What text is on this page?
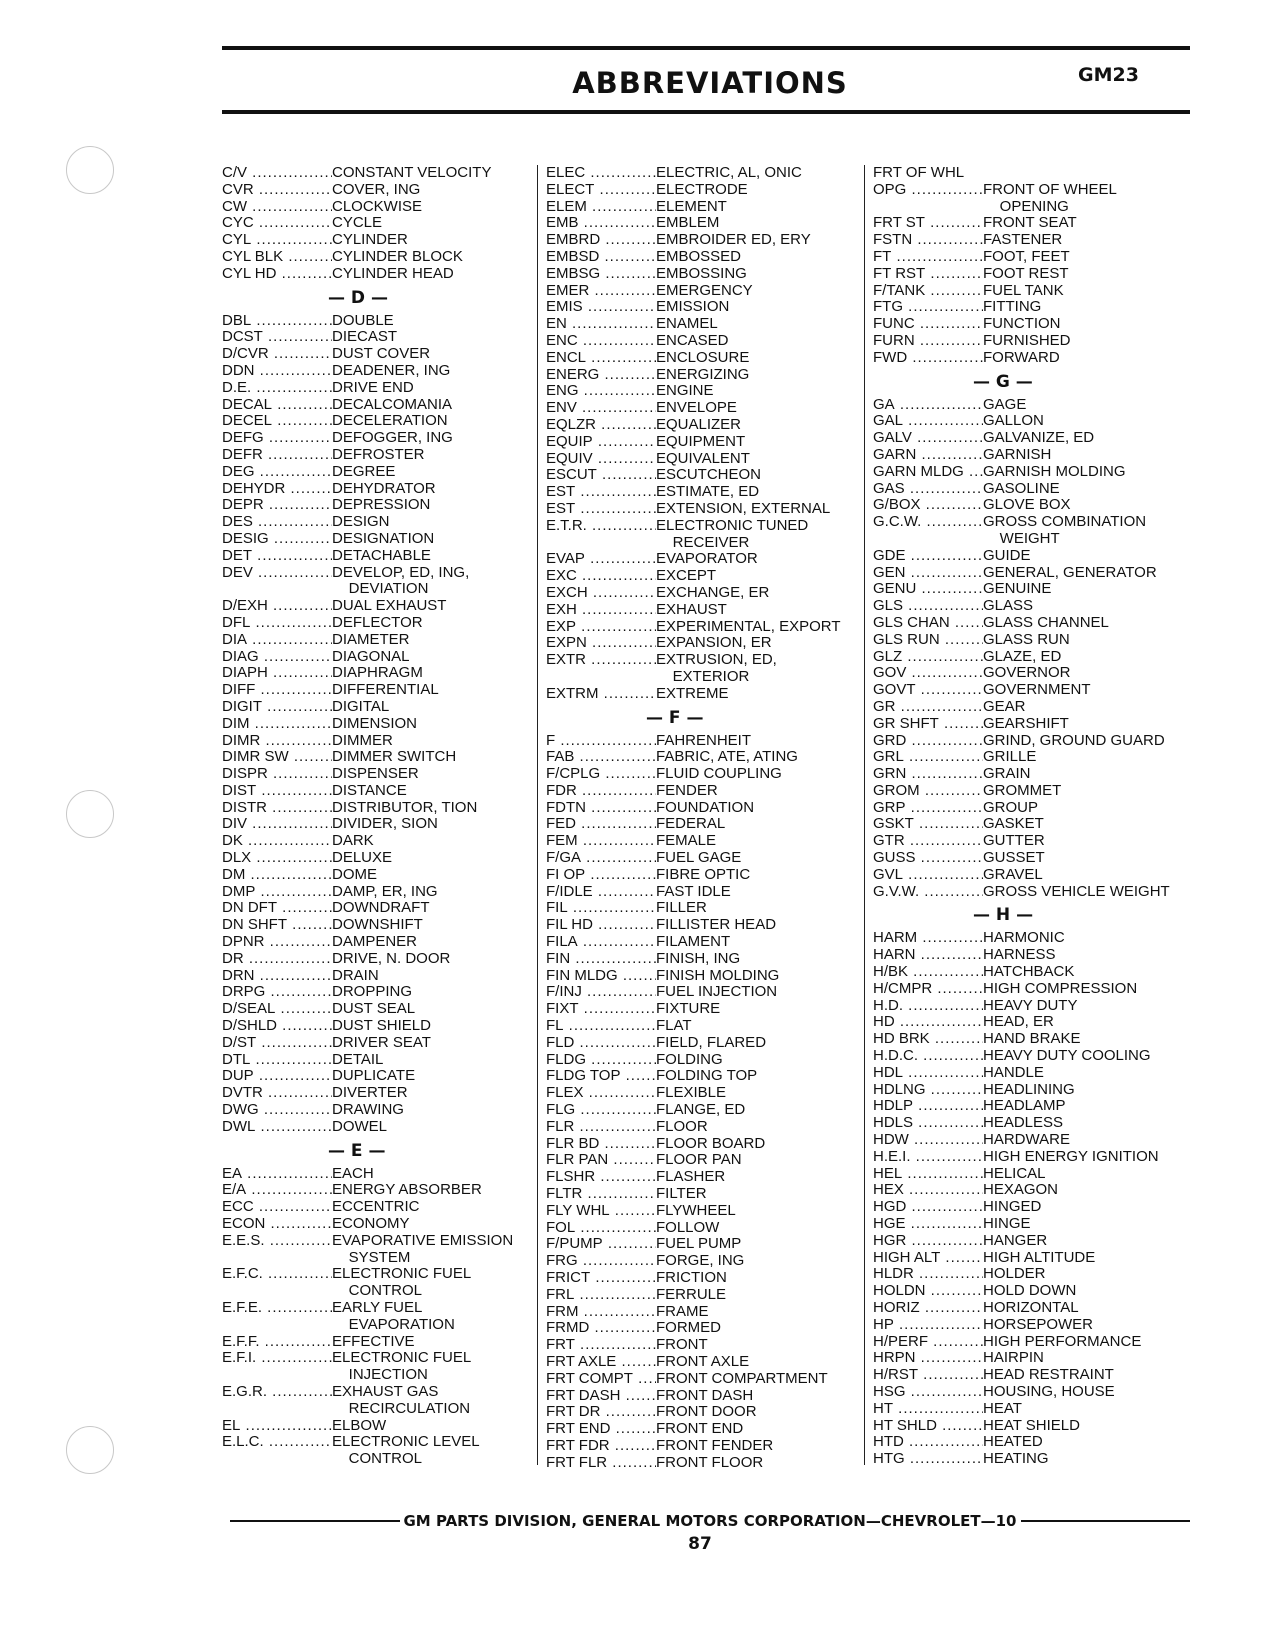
ABBREVIATIONS	GM23
C/V .....	CONSTANT VELOCITY
CVR .....	COVER, ING
CW .....	CLOCKWISE
CYC .....	CYCLE
CYL .....	CYLINDER
CYL BLK .....	CYLINDER BLOCK
CYL HD .....	CYLINDER HEAD
— D —
DBL .....	DOUBLE
DCST .....	DIECAST
D/CVR .....	DUST COVER
DDN .....	DEADENER, ING
D.E. .....	DRIVE END
DECAL .....	DECALCOMANIA
DECEL .....	DECELERATION
DEFG .....	DEFOGGER, ING
DEFR .....	DEFROSTER
DEG .....	DEGREE
DEHYDR .....	DEHYDRATOR
DEPR .....	DEPRESSION
DES .....	DESIGN
DESIG .....	DESIGNATION
DET .....	DETACHABLE
DEV .....	DEVELOP, ED, ING,
DEVIATION
D/EXH .....	DUAL EXHAUST
DFL .....	DEFLECTOR
DIA .....	DIAMETER
DIAG .....	DIAGONAL
DIAPH .....	DIAPHRAGM
DIFF .....	DIFFERENTIAL
DIGIT .....	DIGITAL
DIM .....	DIMENSION
DIMR .....	DIMMER
DIMR SW .....	DIMMER SWITCH
DISPR .....	DISPENSER
DIST .....	DISTANCE
DISTR .....	DISTRIBUTOR, TION
DIV .....	DIVIDER, SION
DK .....	DARK
DLX .....	DELUXE
DM .....	DOME
DMP .....	DAMP, ER, ING
DN DFT .....	DOWNDRAFT
DN SHFT .....	DOWNSHIFT
DPNR .....	DAMPENER
DR .....	DRIVE, N. DOOR
DRN .....	DRAIN
DRPG .....	DROPPING
D/SEAL .....	DUST SEAL
D/SHLD .....	DUST SHIELD
D/ST .....	DRIVER SEAT
DTL .....	DETAIL
DUP .....	DUPLICATE
DVTR .....	DIVERTER
DWG .....	DRAWING
DWL .....	DOWEL
— E —
EA .....	EACH
E/A .....	ENERGY ABSORBER
ECC .....	ECCENTRIC
ECON .....	ECONOMY
E.E.S. .....	EVAPORATIVE EMISSION
SYSTEM
E.F.C. .....	ELECTRONIC FUEL
CONTROL
E.F.E. .....	EARLY FUEL
EVAPORATION
E.F.F. .....	EFFECTIVE
E.F.I. .....	ELECTRONIC FUEL
INJECTION
E.G.R. .....	EXHAUST GAS
RECIRCULATION
EL .....	ELBOW
E.L.C. .....	ELECTRONIC LEVEL
CONTROL
ELEC .....	ELECTRIC, AL, ONIC
ELECT .....	ELECTRODE
ELEM .....	ELEMENT
EMB .....	EMBLEM
EMBRD .....	EMBROIDER ED, ERY
EMBSD .....	EMBOSSED
EMBSG .....	EMBOSSING
EMER .....	EMERGENCY
EMIS .....	EMISSION
EN .....	ENAMEL
ENC .....	ENCASED
ENCL .....	ENCLOSURE
ENERG .....	ENERGIZING
ENG .....	ENGINE
ENV .....	ENVELOPE
EQLZR .....	EQUALIZER
EQUIP .....	EQUIPMENT
EQUIV .....	EQUIVALENT
ESCUT .....	ESCUTCHEON
EST .....	ESTIMATE, ED
EST .....	EXTENSION, EXTERNAL
E.T.R. .....	ELECTRONIC TUNED
RECEIVER
EVAP .....	EVAPORATOR
EXC .....	EXCEPT
EXCH .....	EXCHANGE, ER
EXH .....	EXHAUST
EXP .....	EXPERIMENTAL, EXPORT
EXPN .....	EXPANSION, ER
EXTR .....	EXTRUSION, ED,
EXTERIOR
EXTRM .....	EXTREME
— F —
F .....	FAHRENHEIT
FAB .....	FABRIC, ATE, ATING
F/CPLG .....	FLUID COUPLING
FDR .....	FENDER
FDTN .....	FOUNDATION
FED .....	FEDERAL
FEM .....	FEMALE
F/GA .....	FUEL GAGE
FI OP .....	FIBRE OPTIC
F/IDLE .....	FAST IDLE
FIL .....	FILLER
FIL HD .....	FILLISTER HEAD
FILA .....	FILAMENT
FIN .....	FINISH, ING
FIN MLDG .....	FINISH MOLDING
F/INJ .....	FUEL INJECTION
FIXT .....	FIXTURE
FL .....	FLAT
FLD .....	FIELD, FLARED
FLDG .....	FOLDING
FLDG TOP .....	FOLDING TOP
FLEX .....	FLEXIBLE
FLG .....	FLANGE, ED
FLR .....	FLOOR
FLR BD .....	FLOOR BOARD
FLR PAN .....	FLOOR PAN
FLSHR .....	FLASHER
FLTR .....	FILTER
FLY WHL .....	FLYWHEEL
FOL .....	FOLLOW
F/PUMP .....	FUEL PUMP
FRG .....	FORGE, ING
FRICT .....	FRICTION
FRL .....	FERRULE
FRM .....	FRAME
FRMD .....	FORMED
FRT .....	FRONT
FRT AXLE .....	FRONT AXLE
FRT COMPT .....	FRONT COMPARTMENT
FRT DASH .....	FRONT DASH
FRT DR .....	FRONT DOOR
FRT END .....	FRONT END
FRT FDR .....	FRONT FENDER
FRT FLR .....	FRONT FLOOR
FRT OF WHL
OPG .....	FRONT OF WHEEL
OPENING
FRT ST .....	FRONT SEAT
FSTN .....	FASTENER
FT .....	FOOT, FEET
FT RST .....	FOOT REST
F/TANK .....	FUEL TANK
FTG .....	FITTING
FUNC .....	FUNCTION
FURN .....	FURNISHED
FWD .....	FORWARD
— G —
GA .....	GAGE
GAL .....	GALLON
GALV .....	GALVANIZE, ED
GARN .....	GARNISH
GARN MLDG .....	GARNISH MOLDING
GAS .....	GASOLINE
G/BOX .....	GLOVE BOX
G.C.W. .....	GROSS COMBINATION
WEIGHT
GDE .....	GUIDE
GEN .....	GENERAL, GENERATOR
GENU .....	GENUINE
GLS .....	GLASS
GLS CHAN .....	GLASS CHANNEL
GLS RUN .....	GLASS RUN
GLZ .....	GLAZE, ED
GOV .....	GOVERNOR
GOVT .....	GOVERNMENT
GR .....	GEAR
GR SHFT .....	GEARSHIFT
GRD .....	GRIND, GROUND GUARD
GRL .....	GRILLE
GRN .....	GRAIN
GROM .....	GROMMET
GRP .....	GROUP
GSKT .....	GASKET
GTR .....	GUTTER
GUSS .....	GUSSET
GVL .....	GRAVEL
G.V.W. .....	GROSS VEHICLE WEIGHT
— H —
HARM .....	HARMONIC
HARN .....	HARNESS
H/BK .....	HATCHBACK
H/CMPR .....	HIGH COMPRESSION
H.D. .....	HEAVY DUTY
HD .....	HEAD, ER
HD BRK .....	HAND BRAKE
H.D.C. .....	HEAVY DUTY COOLING
HDL .....	HANDLE
HDLNG .....	HEADLINING
HDLP .....	HEADLAMP
HDLS .....	HEADLESS
HDW .....	HARDWARE
H.E.I. .....	HIGH ENERGY IGNITION
HEL .....	HELICAL
HEX .....	HEXAGON
HGD .....	HINGED
HGE .....	HINGE
HGR .....	HANGER
HIGH ALT .....	HIGH ALTITUDE
HLDR .....	HOLDER
HOLDN .....	HOLD DOWN
HORIZ .....	HORIZONTAL
HP .....	HORSEPOWER
H/PERF .....	HIGH PERFORMANCE
HRPN .....	HAIRPIN
H/RST .....	HEAD RESTRAINT
HSG .....	HOUSING, HOUSE
HT .....	HEAT
HT SHLD .....	HEAT SHIELD
HTD .....	HEATED
HTG .....	HEATING
GM PARTS DIVISION, GENERAL MOTORS CORPORATION—CHEVROLET—10
87
